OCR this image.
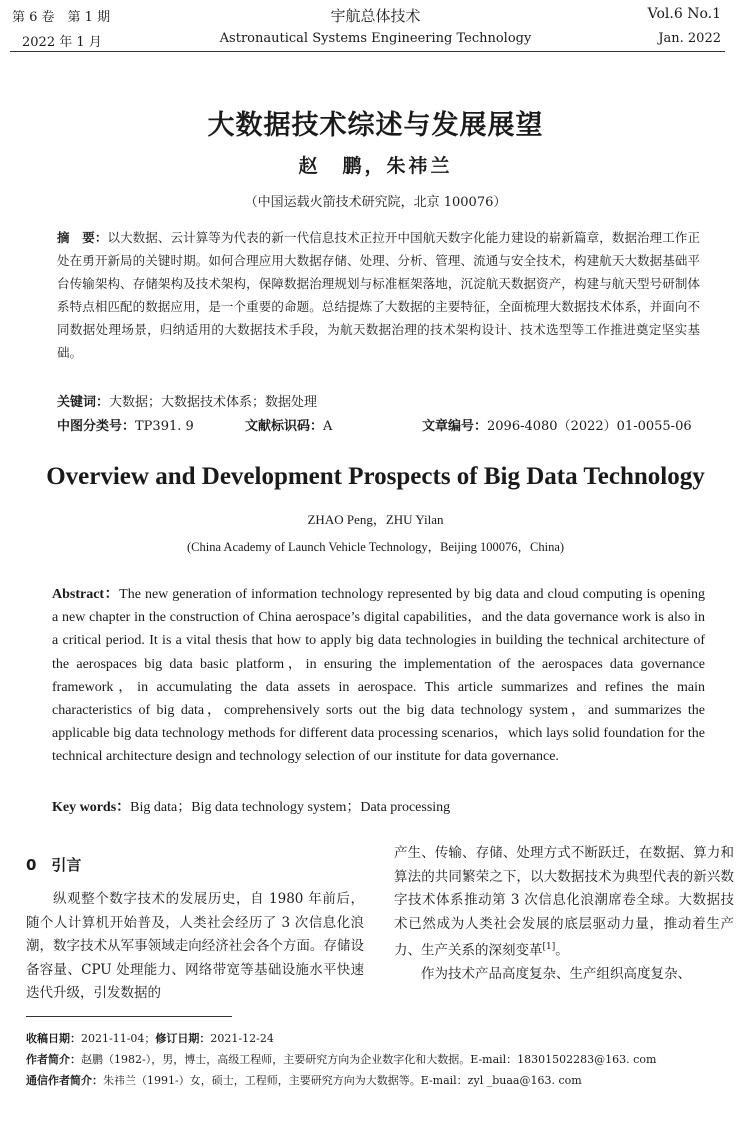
第 6 卷　第 1 期	宇航总体技术	Vol.6 No.1
2022 年 1 月	Astronautical Systems Engineering Technology	Jan. 2022
大数据技术综述与发展展望
赵　鹏，朱祎兰
（中国运载火箭技术研究院，北京 100076）
摘　要：以大数据、云计算等为代表的新一代信息技术正拉开中国航天数字化能力建设的崭新篇章，数据治理工作正处在勇开新局的关键时期。如何合理应用大数据存储、处理、分析、管理、流通与安全技术，构建航天大数据基础平台传输架构、存储架构及技术架构，保障数据治理规划与标准框架落地，沉淀航天数据资产，构建与航天型号研制体系特点相匹配的数据应用，是一个重要的命题。总结提炼了大数据的主要特征，全面梳理大数据技术体系，并面向不同数据处理场景，归纳适用的大数据技术手段，为航天数据治理的技术架构设计、技术选型等工作推进奠定坚实基础。
关键词：大数据；大数据技术体系；数据处理
中图分类号：TP391. 9	文献标识码：A	文章编号：2096-4080（2022）01-0055-06
Overview and Development Prospects of Big Data Technology
ZHAO Peng，ZHU Yilan
(China Academy of Launch Vehicle Technology，Beijing 100076，China)
Abstract：The new generation of information technology represented by big data and cloud computing is opening a new chapter in the construction of China aerospace’s digital capabilities，and the data governance work is also in a critical period. It is a vital thesis that how to apply big data technologies in building the technical architecture of the aerospaces big data basic platform，in ensuring the implementation of the aerospaces data governance framework，in accumulating the data assets in aerospace. This article summarizes and refines the main characteristics of big data，comprehensively sorts out the big data technology system，and summarizes the applicable big data technology methods for different data processing scenarios，which lays solid foundation for the technical architecture design and technology selection of our institute for data governance.
Key words：Big data；Big data technology system；Data processing
0　引言

纵观整个数字技术的发展历史，自 1980 年前后，随个人计算机开始普及，人类社会经历了 3 次信息化浪潮，数字技术从军事领域走向经济社会各个方面。存储设备容量、CPU 处理能力、网络带宽等基础设施水平快速迭代升级，引发数据的

产生、传输、存储、处理方式不断跃迁，在数据、算力和算法的共同繁荣之下，以大数据技术为典型代表的新兴数字技术体系推动第 3 次信息化浪潮席卷全球。大数据技术已然成为人类社会发展的底层驱动力量，推动着生产力、生产关系的深刻变革[1]。

作为技术产品高度复杂、生产组织高度复杂、

收稿日期：2021-11-04；修订日期：2021-12-24
作者简介：赵鹏（1982-），男，博士，高级工程师，主要研究方向为企业数字化和大数据。E-mail：18301502283@163. com
通信作者简介：朱祎兰（1991-）女，硕士，工程师，主要研究方向为大数据等。E-mail：zyl _buaa@163. com
